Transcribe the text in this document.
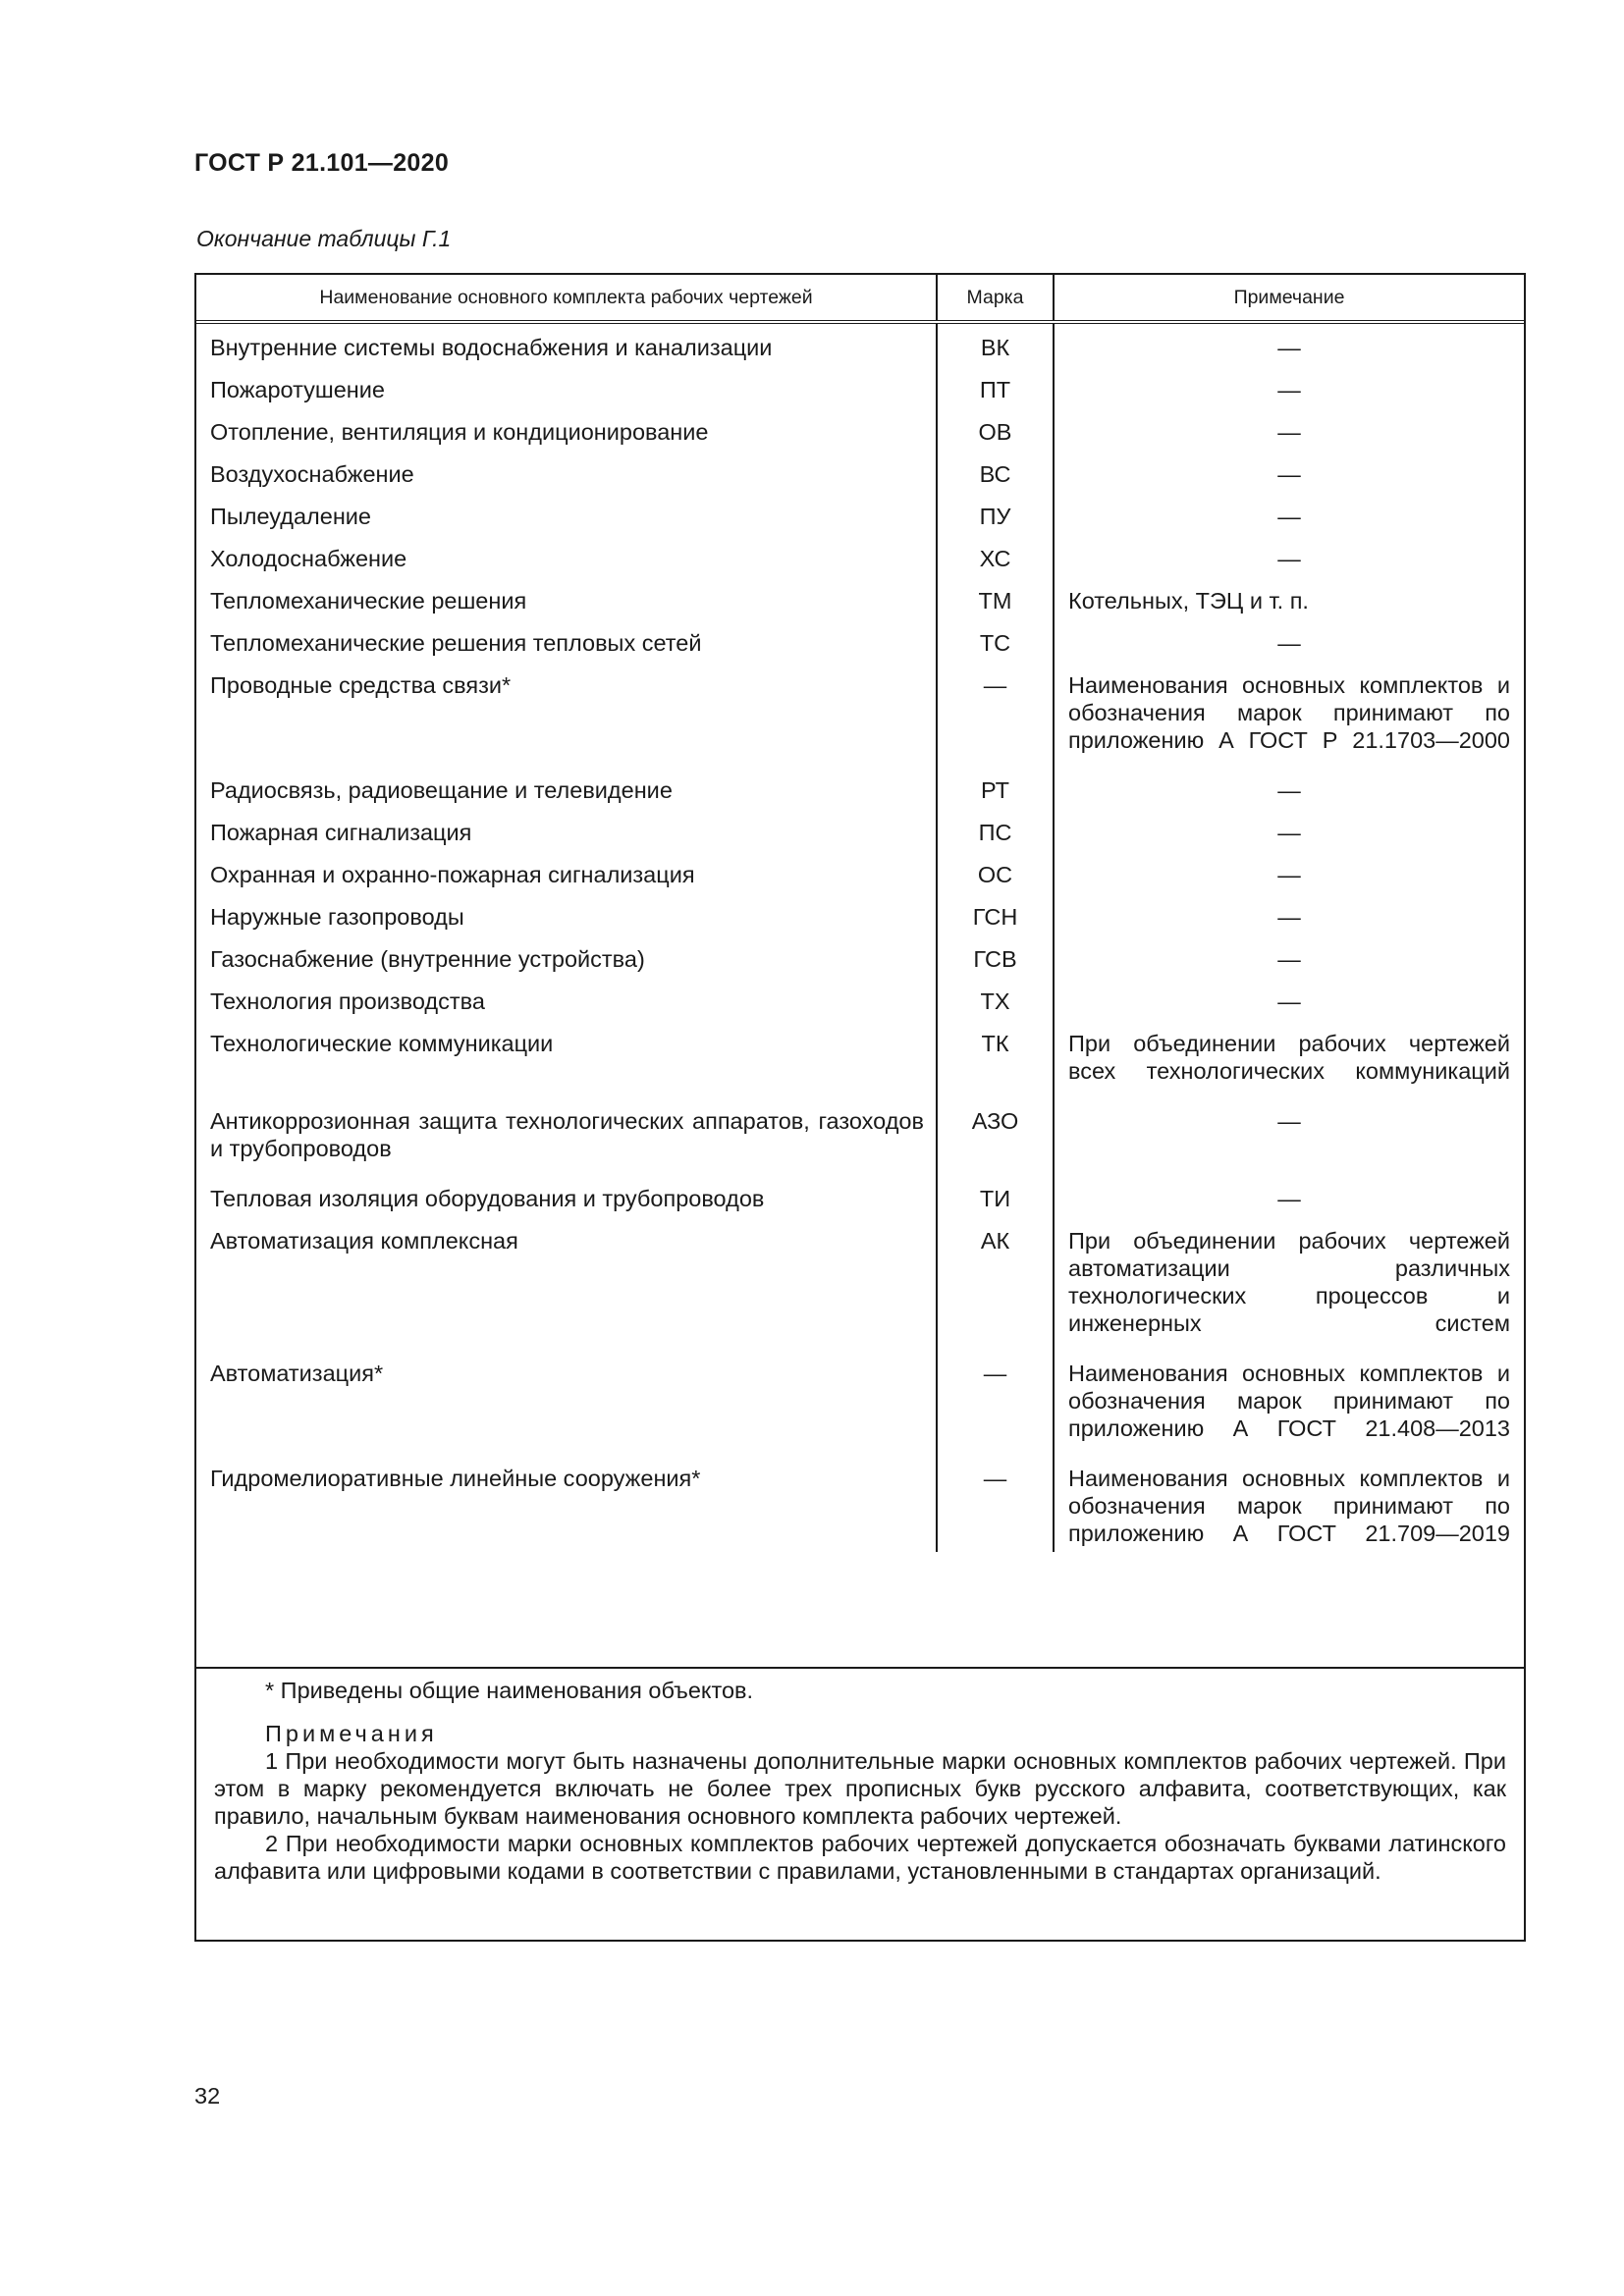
ГОСТ Р 21.101—2020
Окончание таблицы Г.1
Наименование основного комплекта рабочих чертежей	Марка	Примечание
Внутренние системы водоснабжения и канализации	ВК	—
Пожаротушение	ПТ	—
Отопление, вентиляция и кондиционирование	ОВ	—
Воздухоснабжение	ВС	—
Пылеудаление	ПУ	—
Холодоснабжение	ХС	—
Тепломеханические решения	ТМ	Котельных, ТЭЦ и т. п.
Тепломеханические решения тепловых сетей	ТС	—
Проводные средства связи*	—	Наименования основных комплектов и обозначения марок принимают по приложению А ГОСТ Р 21.1703—2000
Радиосвязь, радиовещание и телевидение	РТ	—
Пожарная сигнализация	ПС	—
Охранная и охранно-пожарная сигнализация	ОС	—
Наружные газопроводы	ГСН	—
Газоснабжение (внутренние устройства)	ГСВ	—
Технология производства	ТХ	—
Технологические коммуникации	ТК	При объединении рабочих чертежей всех технологических коммуникаций
Антикоррозионная защита технологических аппаратов, газоходов и трубопроводов	АЗО	—
Тепловая изоляция оборудования и трубопроводов	ТИ	—
Автоматизация комплексная	АК	При объединении рабочих чертежей автоматизации различных технологических процессов и инженерных систем
Автоматизация*	—	Наименования основных комплектов и обозначения марок принимают по приложению А ГОСТ 21.408—2013
Гидромелиоративные линейные сооружения*	—	Наименования основных комплектов и обозначения марок принимают по приложению А ГОСТ 21.709—2019
* Приведены общие наименования объектов.
Примечания

1 При необходимости могут быть назначены дополнительные марки основных комплектов рабочих чертежей. При этом в марку рекомендуется включать не более трех прописных букв русского алфавита, соответствующих, как правило, начальным буквам наименования основного комплекта рабочих чертежей.

2 При необходимости марки основных комплектов рабочих чертежей допускается обозначать буквами латинского алфавита или цифровыми кодами в соответствии с правилами, установленными в стандартах организаций.

32
